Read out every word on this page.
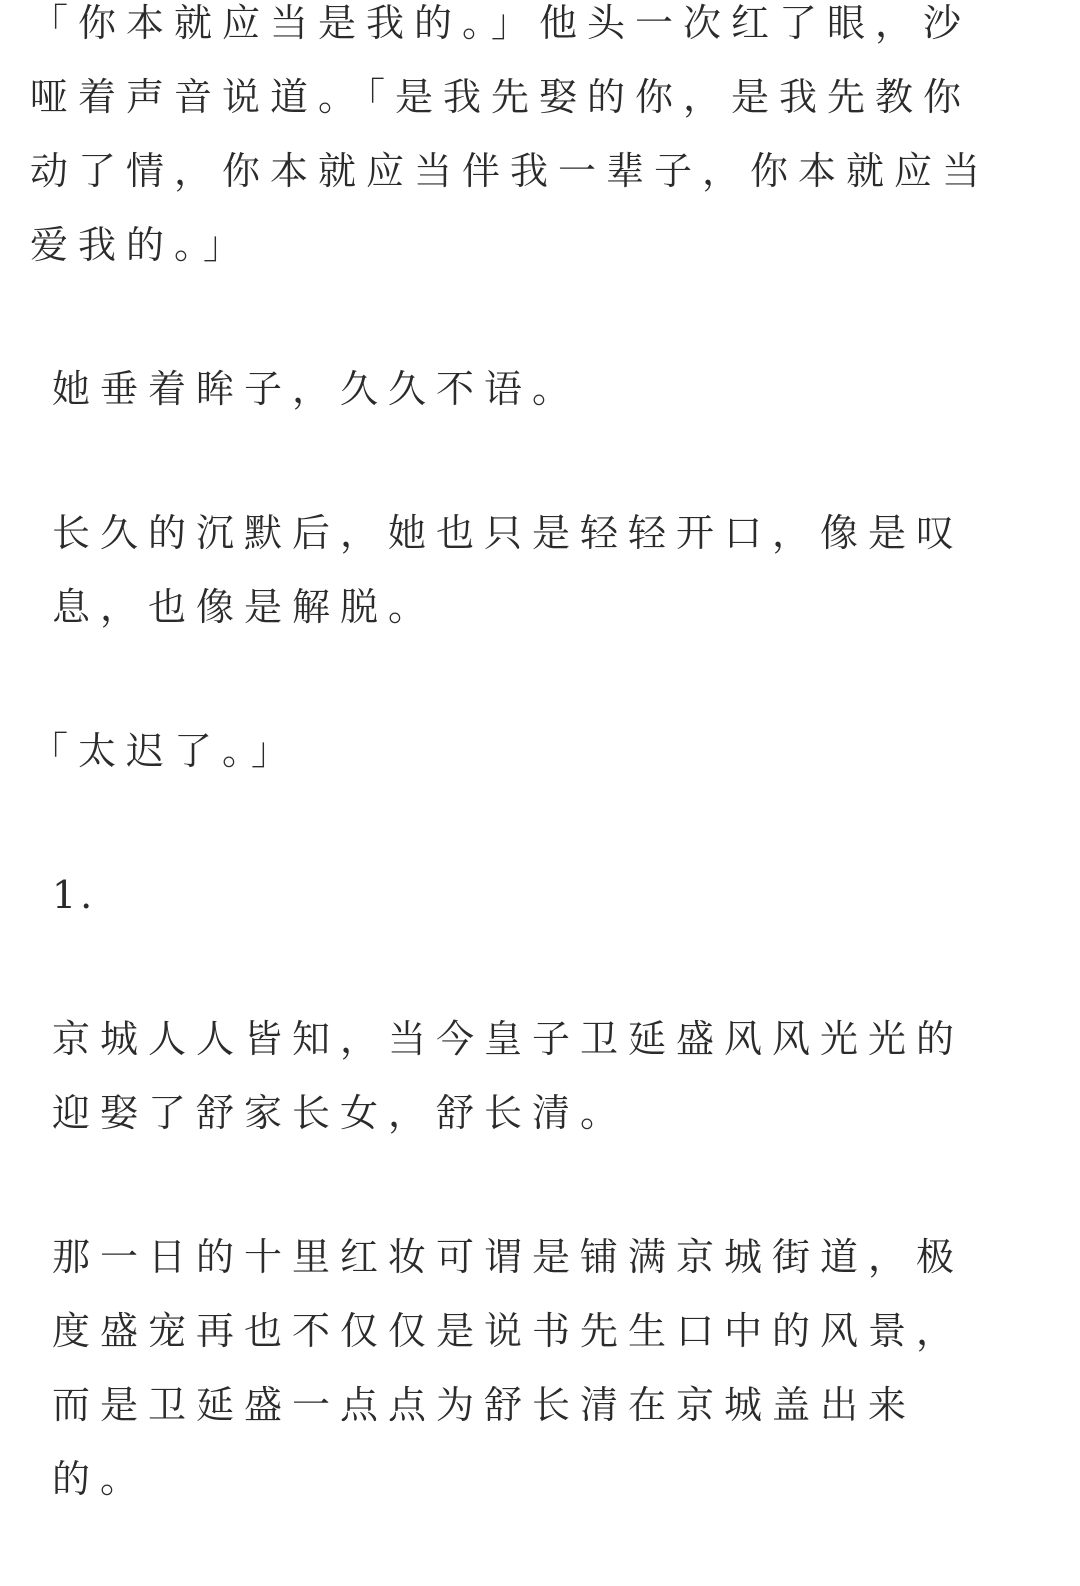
「你本就应当是我的。」他头一次红了眼，沙哑着声音说道。「是我先娶的你，是我先教你动了情，你本就应当伴我一辈子，你本就应当爱我的。」

她垂着眸子，久久不语。

长久的沉默后，她也只是轻轻开口，像是叹息，也像是解脱。

「太迟了。」

1.

京城人人皆知，当今皇子卫延盛风风光光的迎娶了舒家长女，舒长清。

那一日的十里红妆可谓是铺满京城街道，极度盛宠再也不仅仅是说书先生口中的风景，而是卫延盛一点点为舒长清在京城盖出来的。
